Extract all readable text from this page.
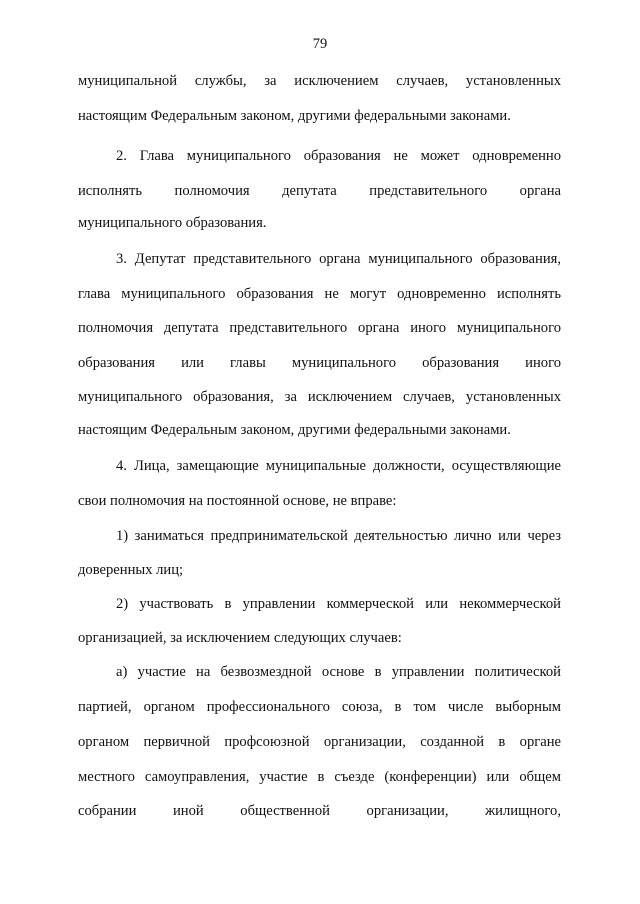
79
муниципальной службы, за исключением случаев, установленных
настоящим Федеральным законом, другими федеральными законами.
2. Глава муниципального образования не может одновременно
исполнять полномочия депутата представительного органа
муниципального образования.
3. Депутат представительного органа муниципального образования,
глава муниципального образования не могут одновременно исполнять
полномочия депутата представительного органа иного муниципального
образования или главы муниципального образования иного
муниципального образования, за исключением случаев, установленных
настоящим Федеральным законом, другими федеральными законами.
4. Лица, замещающие муниципальные должности, осуществляющие
свои полномочия на постоянной основе, не вправе:
1) заниматься предпринимательской деятельностью лично или через
доверенных лиц;
2) участвовать в управлении коммерческой или некоммерческой
организацией, за исключением следующих случаев:
а) участие на безвозмездной основе в управлении политической
партией, органом профессионального союза, в том числе выборным
органом первичной профсоюзной организации, созданной в органе
местного самоуправления, участие в съезде (конференции) или общем
собрании иной общественной организации, жилищного,
